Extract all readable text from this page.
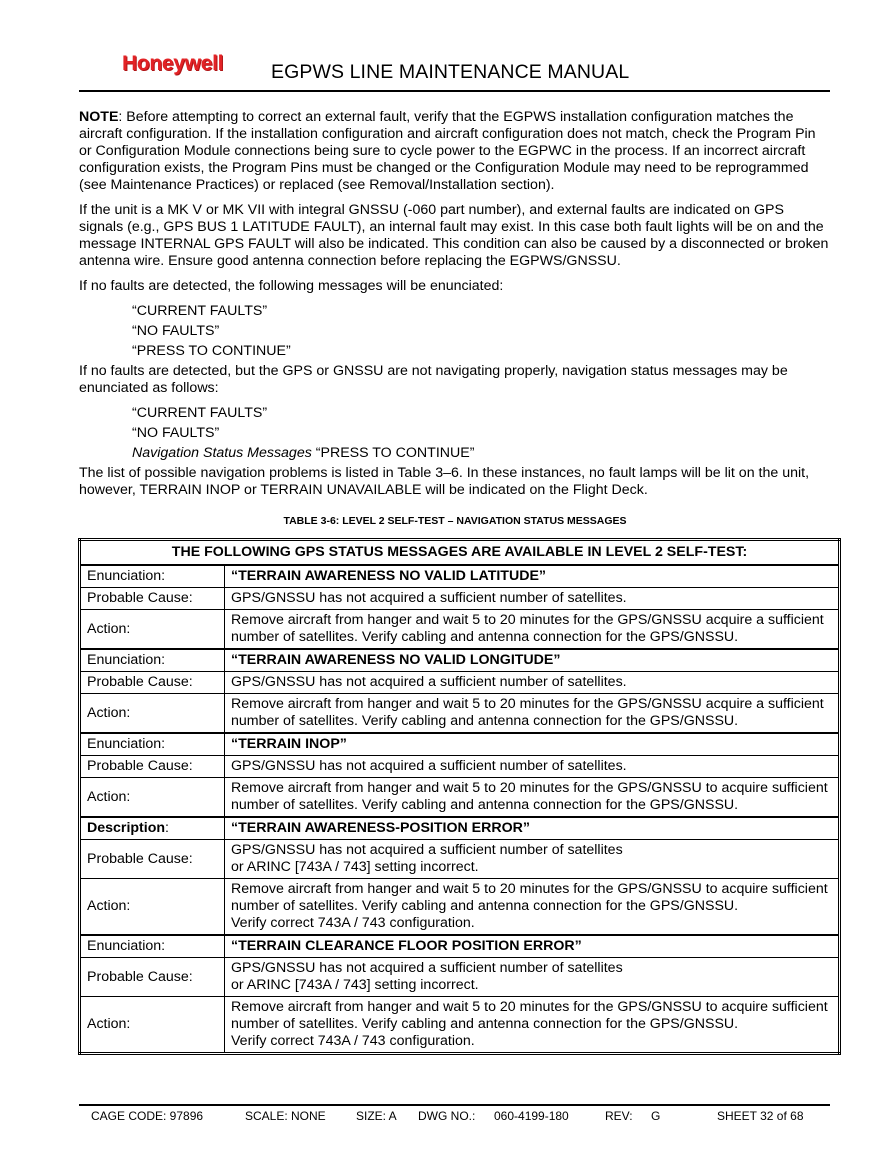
Honeywell EGPWS LINE MAINTENANCE MANUAL

NOTE: Before attempting to correct an external fault, verify that the EGPWS installation configuration matches the aircraft configuration. If the installation configuration and aircraft configuration does not match, check the Program Pin or Configuration Module connections being sure to cycle power to the EGPWC in the process. If an incorrect aircraft configuration exists, the Program Pins must be changed or the Configuration Module may need to be reprogrammed (see Maintenance Practices) or replaced (see Removal/Installation section).

If the unit is a MK V or MK VII with integral GNSSU (-060 part number), and external faults are indicated on GPS signals (e.g., GPS BUS 1 LATITUDE FAULT), an internal fault may exist. In this case both fault lights will be on and the message INTERNAL GPS FAULT will also be indicated. This condition can also be caused by a disconnected or broken antenna wire. Ensure good antenna connection before replacing the EGPWS/GNSSU.

If no faults are detected, the following messages will be enunciated:

“CURRENT FAULTS”
“NO FAULTS”
“PRESS TO CONTINUE”

If no faults are detected, but the GPS or GNSSU are not navigating properly, navigation status messages may be enunciated as follows:

“CURRENT FAULTS”
“NO FAULTS”
Navigation Status Messages “PRESS TO CONTINUE”

The list of possible navigation problems is listed in Table 3–6. In these instances, no fault lamps will be lit on the unit, however, TERRAIN INOP or TERRAIN UNAVAILABLE will be indicated on the Flight Deck.

TABLE 3-6: LEVEL 2 SELF-TEST – NAVIGATION STATUS MESSAGES
THE FOLLOWING GPS STATUS MESSAGES ARE AVAILABLE IN LEVEL 2 SELF-TEST:	
Enunciation:	“TERRAIN AWARENESS NO VALID LATITUDE”
Probable Cause:	GPS/GNSSU has not acquired a sufficient number of satellites.
Action:	Remove aircraft from hanger and wait 5 to 20 minutes for the GPS/GNSSU acquire a sufficient number of satellites. Verify cabling and antenna connection for the GPS/GNSSU.
Enunciation:	“TERRAIN AWARENESS NO VALID LONGITUDE”
Probable Cause:	GPS/GNSSU has not acquired a sufficient number of satellites.
Action:	Remove aircraft from hanger and wait 5 to 20 minutes for the GPS/GNSSU acquire a sufficient number of satellites. Verify cabling and antenna connection for the GPS/GNSSU.
Enunciation:	“TERRAIN INOP”
Probable Cause:	GPS/GNSSU has not acquired a sufficient number of satellites.
Action:	Remove aircraft from hanger and wait 5 to 20 minutes for the GPS/GNSSU to acquire sufficient number of satellites. Verify cabling and antenna connection for the GPS/GNSSU.
Description:	“TERRAIN AWARENESS-POSITION ERROR”
Probable Cause:	GPS/GNSSU has not acquired a sufficient number of satellites
or ARINC [743A / 743] setting incorrect.

Action:	Remove aircraft from hanger and wait 5 to 20 minutes for the GPS/GNSSU to acquire sufficient number of satellites. Verify cabling and antenna connection for the GPS/GNSSU.
Verify correct 743A / 743 configuration.

Enunciation:	“TERRAIN CLEARANCE FLOOR POSITION ERROR”
Probable Cause:	GPS/GNSSU has not acquired a sufficient number of satellites
or ARINC [743A / 743] setting incorrect.

Action:	Remove aircraft from hanger and wait 5 to 20 minutes for the GPS/GNSSU to acquire sufficient number of satellites. Verify cabling and antenna connection for the GPS/GNSSU.
Verify correct 743A / 743 configuration.
CAGE CODE: 97896	SCALE: NONE	SIZE: A DWG NO.: 060-4199-180	REV: G	SHEET 32 of 68
